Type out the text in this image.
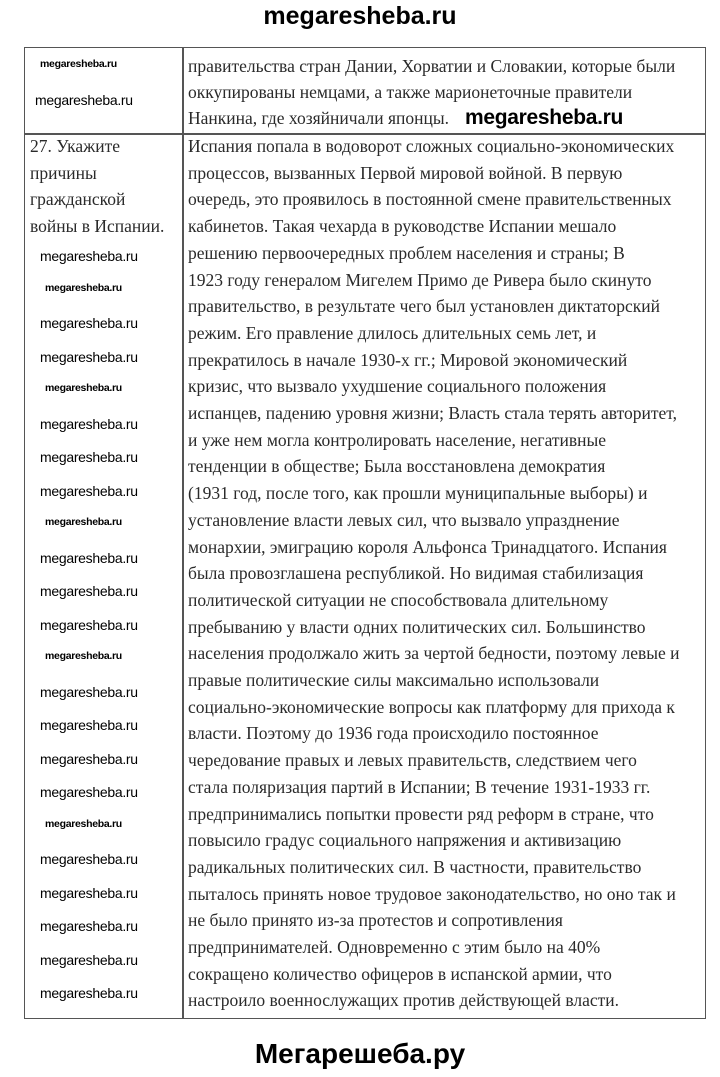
megaresheba.ru
правительства стран Дании, Хорватии и Словакии, которые были
оккупированы немцами, а также марионеточные правители
Нанкина, где хозяйничали японцы.
27. Укажите
причины
гражданской
войны в Испании.
Испания попала в водоворот сложных социально-экономических
процессов, вызванных Первой мировой войной. В первую
очередь, это проявилось в постоянной смене правительственных
кабинетов. Такая чехарда в руководстве Испании мешало
решению первоочередных проблем населения и страны; В
1923 году генералом Мигелем Примо де Ривера было скинуто
правительство, в результате чего был установлен диктаторский
режим. Его правление длилось длительных семь лет, и
прекратилось в начале 1930-х гг.; Мировой экономический
кризис, что вызвало ухудшение социального положения
испанцев, падению уровня жизни; Власть стала терять авторитет,
и уже нем могла контролировать население, негативные
тенденции в обществе; Была восстановлена демократия
(1931 год, после того, как прошли муниципальные выборы) и
установление власти левых сил, что вызвало упразднение
монархии, эмиграцию короля Альфонса Тринадцатого. Испания
была провозглашена республикой. Но видимая стабилизация
политической ситуации не способствовала длительному
пребыванию у власти одних политических сил. Большинство
населения продолжало жить за чертой бедности, поэтому левые и
правые политические силы максимально использовали
социально-экономические вопросы как платформу для прихода к
власти. Поэтому до 1936 года происходило постоянное
чередование правых и левых правительств, следствием чего
стала поляризация партий в Испании; В течение 1931-1933 гг.
предпринимались попытки провести ряд реформ в стране, что
повысило градус социального напряжения и активизацию
радикальных политических сил. В частности, правительство
пыталось принять новое трудовое законодательство, но оно так и
не было принято из-за протестов и сопротивления
предпринимателей. Одновременно с этим было на 40%
сокращено количество офицеров в испанской армии, что
настроило военнослужащих против действующей власти.
megaresheba.ru
megaresheba.ru
megaresheba.ru
megaresheba.ru
megaresheba.ru
megaresheba.ru
megaresheba.ru
megaresheba.ru
megaresheba.ru
megaresheba.ru
megaresheba.ru
megaresheba.ru
megaresheba.ru
megaresheba.ru
megaresheba.ru
megaresheba.ru
megaresheba.ru
megaresheba.ru
megaresheba.ru
megaresheba.ru
megaresheba.ru
megaresheba.ru
megaresheba.ru
megaresheba.ru
megaresheba.ru
megaresheba.ru
Мегарешеба.ру
